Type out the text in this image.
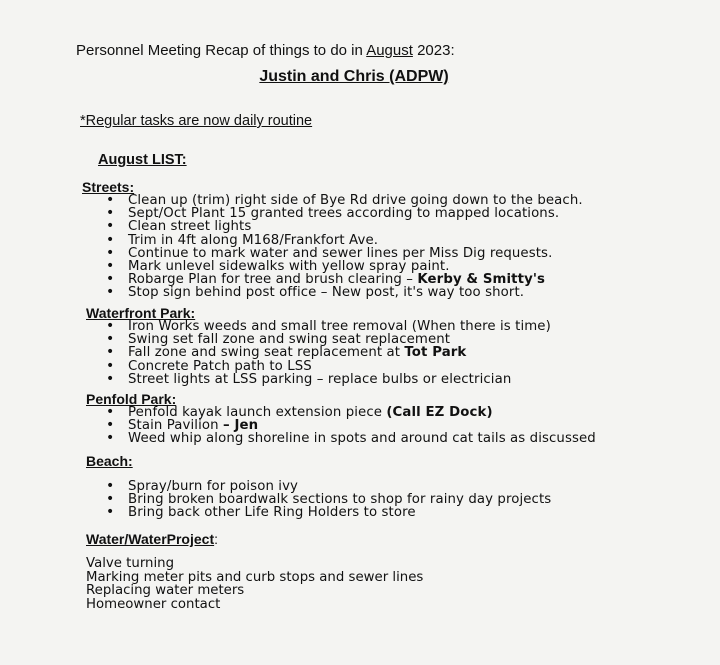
Personnel Meeting Recap of things to do in August 2023:
Justin and Chris (ADPW)
*Regular tasks are now daily routine
August LIST:
Streets:
• Clean up (trim) right side of Bye Rd drive going down to the beach.
• Sept/Oct Plant 15 granted trees according to mapped locations.
• Clean street lights
• Trim in 4ft along M168/Frankfort Ave.
• Continue to mark water and sewer lines per Miss Dig requests.
• Mark unlevel sidewalks with yellow spray paint.
• Robarge Plan for tree and brush clearing – Kerby & Smitty's
• Stop sign behind post office – New post, it's way too short.
Waterfront Park:
• Iron Works weeds and small tree removal (When there is time)
• Swing set fall zone and swing seat replacement
• Fall zone and swing seat replacement at Tot Park
• Concrete Patch path to LSS
• Street lights at LSS parking – replace bulbs or electrician
Penfold Park:
• Penfold kayak launch extension piece (Call EZ Dock)
• Stain Pavilion – Jen
• Weed whip along shoreline in spots and around cat tails as discussed
Beach:
• Spray/burn for poison ivy
• Bring broken boardwalk sections to shop for rainy day projects
• Bring back other Life Ring Holders to store
Water/WaterProject:
Valve turning
Marking meter pits and curb stops and sewer lines
Replacing water meters
Homeowner contact
